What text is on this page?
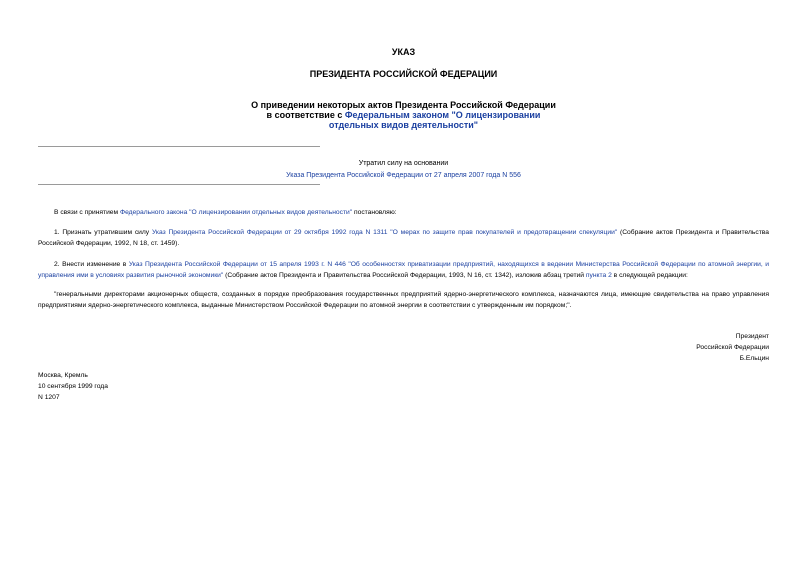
УКАЗ
ПРЕЗИДЕНТА РОССИЙСКОЙ ФЕДЕРАЦИИ
О приведении некоторых актов Президента Российской Федерации
в соответствие с Федеральным законом "О лицензировании
отдельных видов деятельности"
Утратил силу на основании
Указа Президента Российской Федерации от 27 апреля 2007 года N 556
В связи с принятием Федерального закона "О лицензировании отдельных видов деятельности" постановляю:
1. Признать утратившим силу Указ Президента Российской Федерации от 29 октября 1992 года N 1311 "О мерах по защите прав покупателей и предотвращении спекуляции" (Собрание актов Президента и Правительства Российской Федерации, 1992, N 18, ст. 1459).
2. Внести изменение в Указ Президента Российской Федерации от 15 апреля 1993 г. N 446 "Об особенностях приватизации предприятий, находящихся в ведении Министерства Российской Федерации по атомной энергии, и управления ими в условиях развития рыночной экономики" (Собрание актов Президента и Правительства Российской Федерации, 1993, N 16, ст. 1342), изложив абзац третий пункта 2 в следующей редакции:
"генеральными директорами акционерных обществ, созданных в порядке преобразования государственных предприятий ядерно-энергетического комплекса, назначаются лица, имеющие свидетельства на право управления предприятиями ядерно-энергетического комплекса, выданные Министерством Российской Федерации по атомной энергии в соответствии с утвержденным им порядком;".
Президент
Российской Федерации
Б.Ельцин
Москва, Кремль
10 сентября 1999 года
N 1207
